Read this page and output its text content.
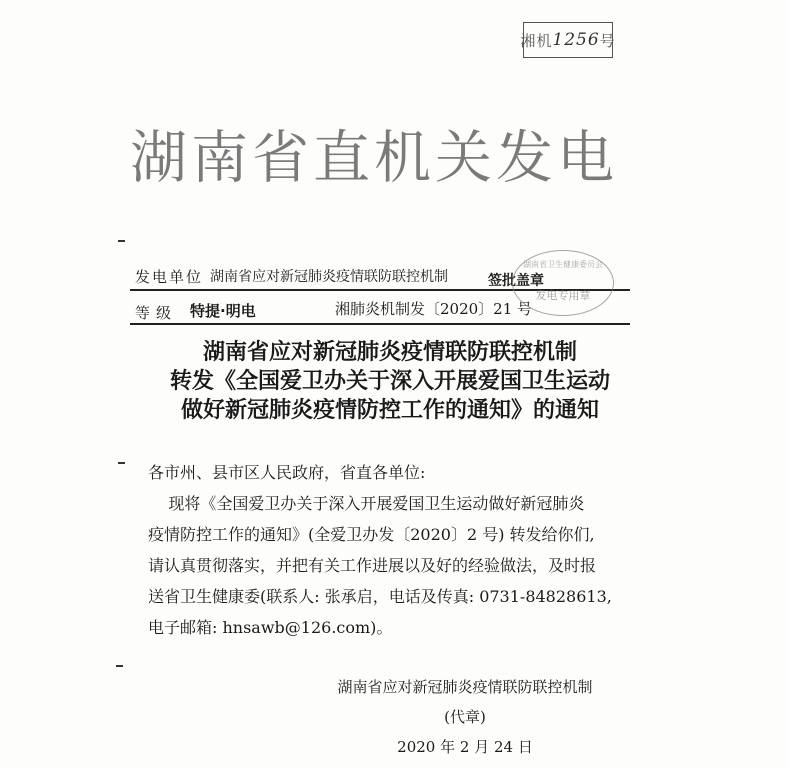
湘机 1256 号
湖南省直机关发电
发电单位 湖南省应对新冠肺炎疫情联防联控机制	签批盖章
等级 特提·明电	湘肺炎机制发〔2020〕21 号
湖南省卫生健康委员会
发电专用章
湖南省应对新冠肺炎疫情联防联控机制
转发《全国爱卫办关于深入开展爱国卫生运动
做好新冠肺炎疫情防控工作的通知》的通知
各市州、县市区人民政府，省直各单位:
现将《全国爱卫办关于深入开展爱国卫生运动做好新冠肺炎
疫情防控工作的通知》(全爱卫办发〔2020〕2 号) 转发给你们,
请认真贯彻落实，并把有关工作进展以及好的经验做法，及时报
送省卫生健康委(联系人: 张承启，电话及传真: 0731-84828613,
电子邮箱: hnsawb@126.com)。
湖南省应对新冠肺炎疫情联防联控机制
(代章)
2020 年 2 月 24 日
